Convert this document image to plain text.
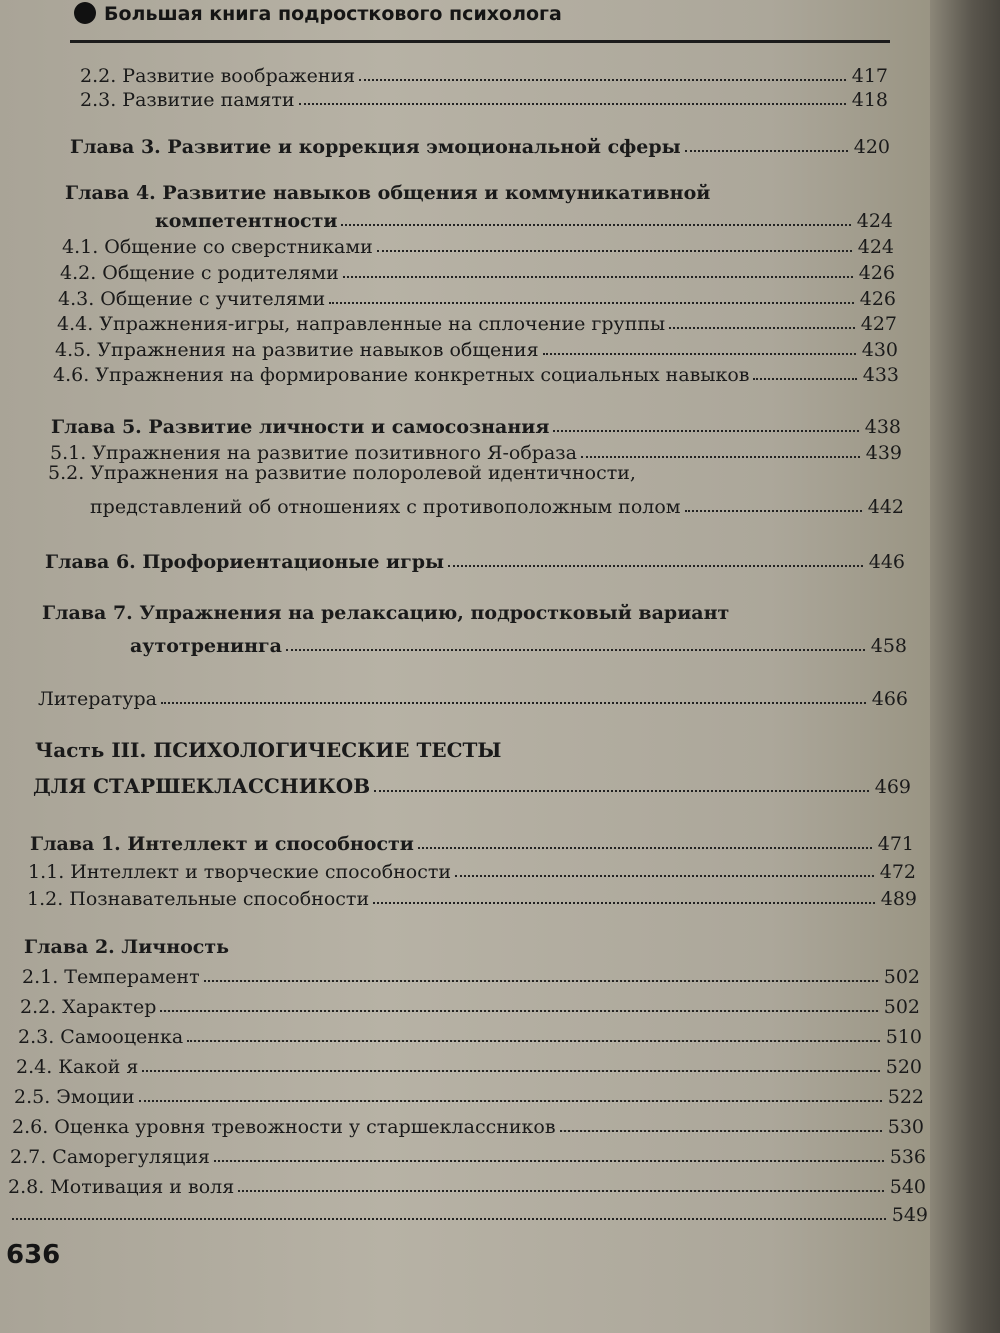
Большая книга подросткового психолога
2.2. Развитие воображения	417
2.3. Развитие памяти	418
Глава 3. Развитие и коррекция эмоциональной сферы	420
Глава 4. Развитие навыков общения и коммуникативной
компетентности	424
4.1. Общение со сверстниками	424
4.2. Общение с родителями	426
4.3. Общение с учителями	426
4.4. Упражнения-игры, направленные на сплочение группы	427
4.5. Упражнения на развитие навыков общения	430
4.6. Упражнения на формирование конкретных социальных навыков	433
Глава 5. Развитие личности и самосознания	438
5.1. Упражнения на развитие позитивного Я-образа	439
5.2. Упражнения на развитие полоролевой идентичности,
представлений об отношениях с противоположным полом	442
Глава 6. Профориентационые игры	446
Глава 7. Упражнения на релаксацию, подростковый вариант
аутотренинга	458
Литература	466
Часть III. ПСИХОЛОГИЧЕСКИЕ ТЕСТЫ
ДЛЯ СТАРШЕКЛАССНИКОВ	469
Глава 1. Интеллект и способности	471
1.1. Интеллект и творческие способности	472
1.2. Познавательные способности	489
Глава 2. Личность
2.1. Темперамент	502
2.2. Характер	502
2.3. Самооценка	510
2.4. Какой я	520
2.5. Эмоции	522
2.6. Оценка уровня тревожности у старшеклассников	530
2.7. Саморегуляция	536
2.8. Мотивация и воля	540
549
636
